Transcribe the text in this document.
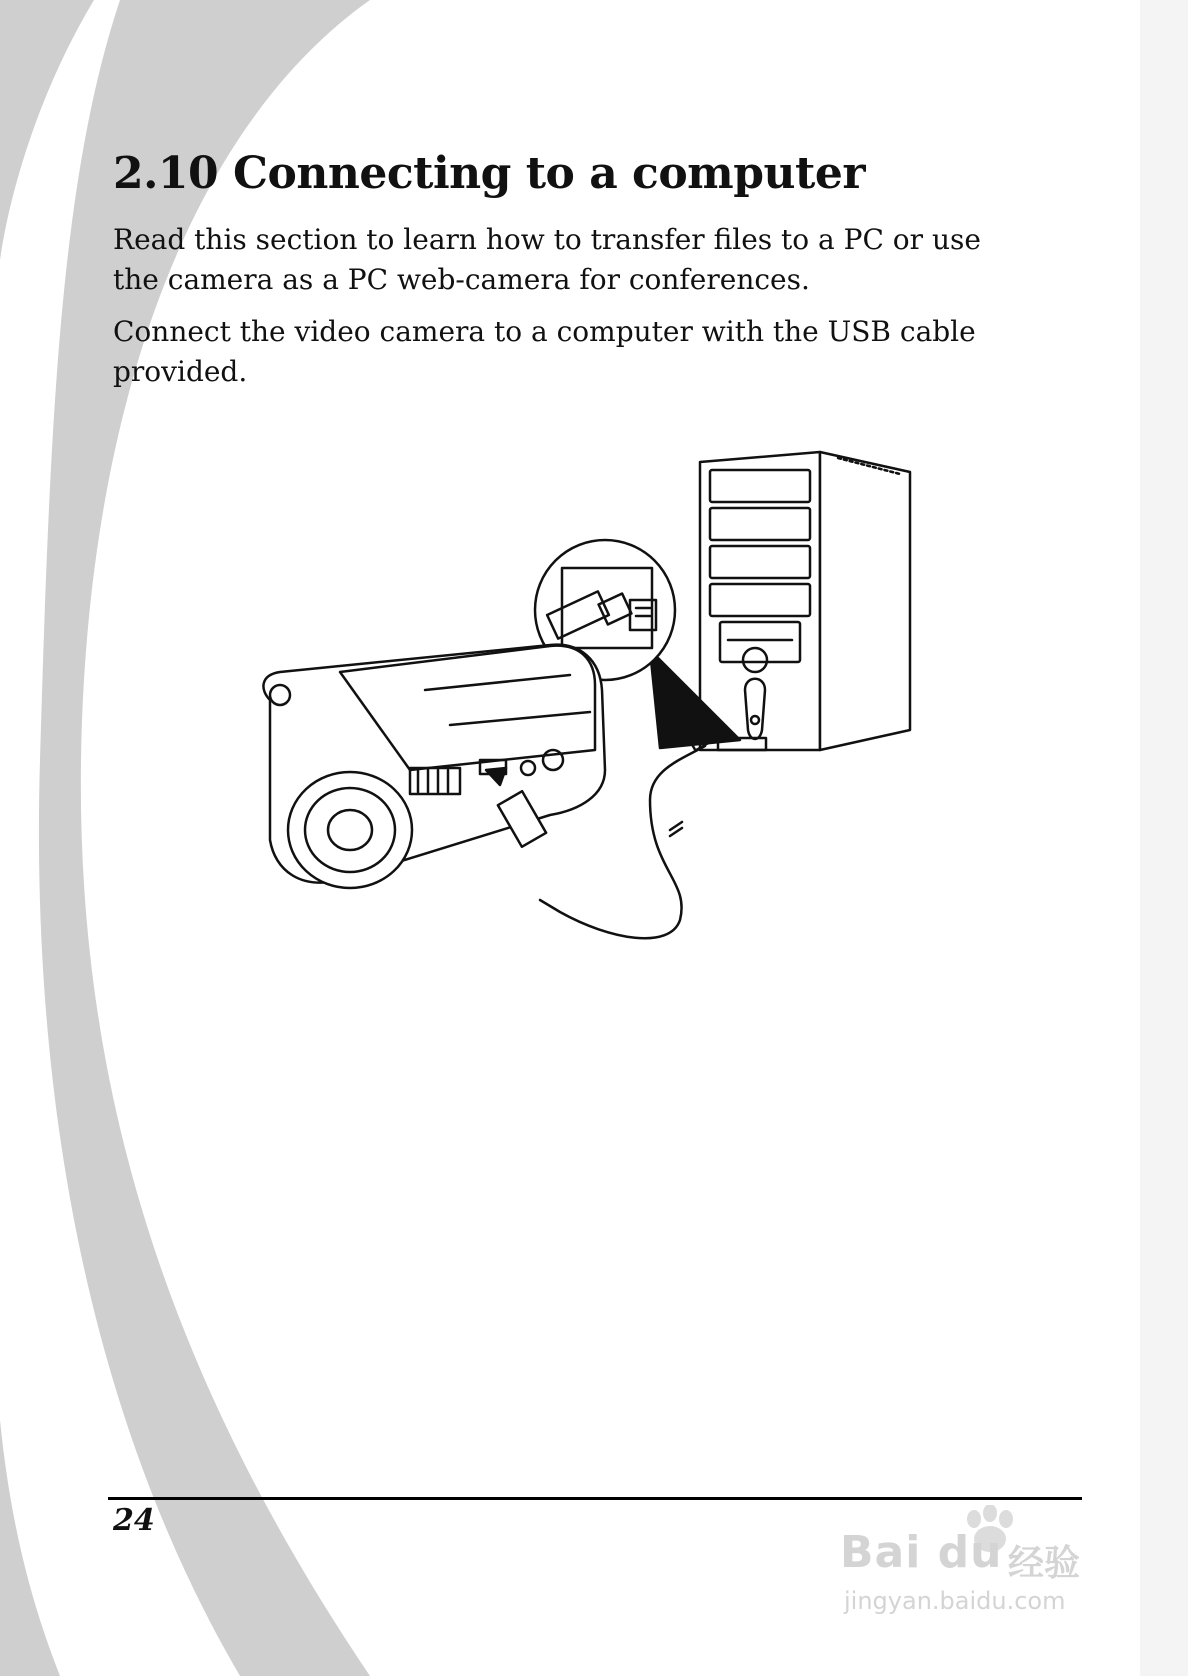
2.10 Connecting to a computer

Read this section to learn how to transfer files to a PC or use the camera as a PC web-camera for conferences.

Connect the video camera to a computer with the USB cable provided.

24
Bai du 经验
jingyan.baidu.com
